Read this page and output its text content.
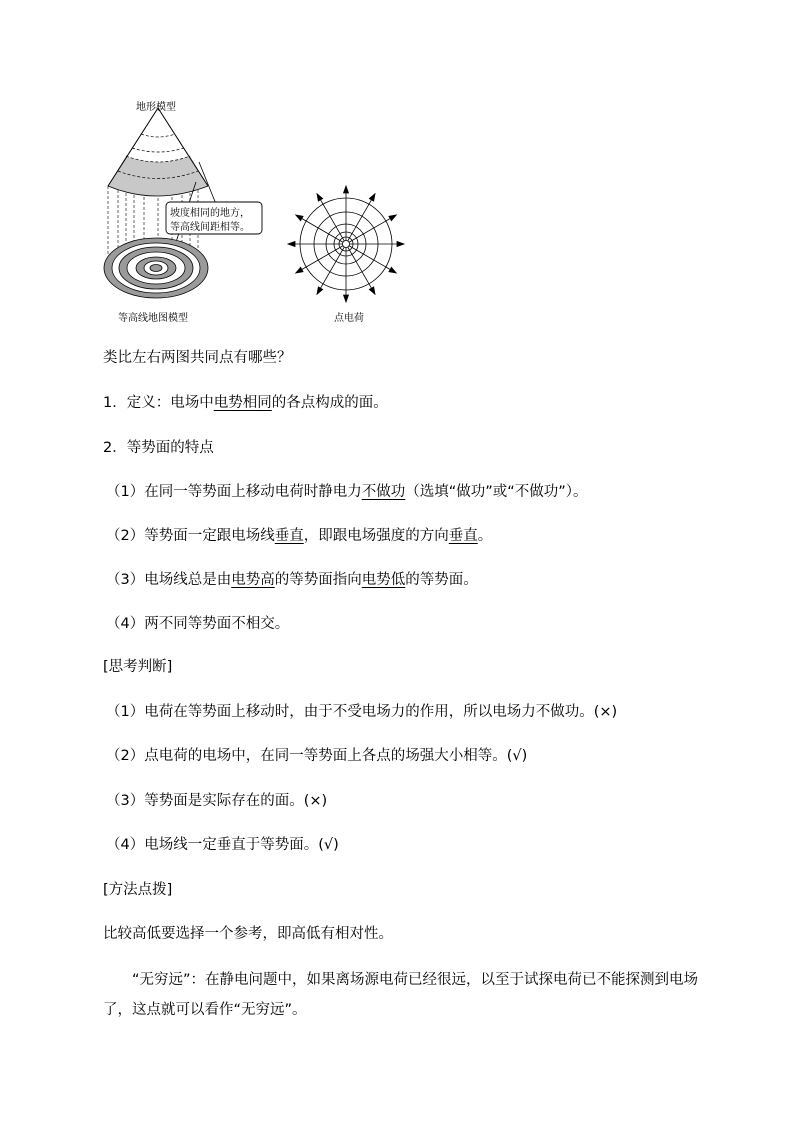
地形模型
坡度相同的地方，
等高线间距相等。
等高线地图模型	点电荷
类比左右两图共同点有哪些？
1．定义：电场中电势相同的各点构成的面。
2．等势面的特点
（1）在同一等势面上移动电荷时静电力不做功（选填“做功”或“不做功”）。
（2）等势面一定跟电场线垂直，即跟电场强度的方向垂直。
（3）电场线总是由电势高的等势面指向电势低的等势面。
（4）两不同等势面不相交。
[思考判断]
（1）电荷在等势面上移动时，由于不受电场力的作用，所以电场力不做功。(×)
（2）点电荷的电场中，在同一等势面上各点的场强大小相等。(√)
（3）等势面是实际存在的面。(×)
（4）电场线一定垂直于等势面。(√)
[方法点拨]
比较高低要选择一个参考，即高低有相对性。

“无穷远”：在静电问题中，如果离场源电荷已经很远，以至于试探电荷已不能探测到电场了，这点就可以看作“无穷远”。
